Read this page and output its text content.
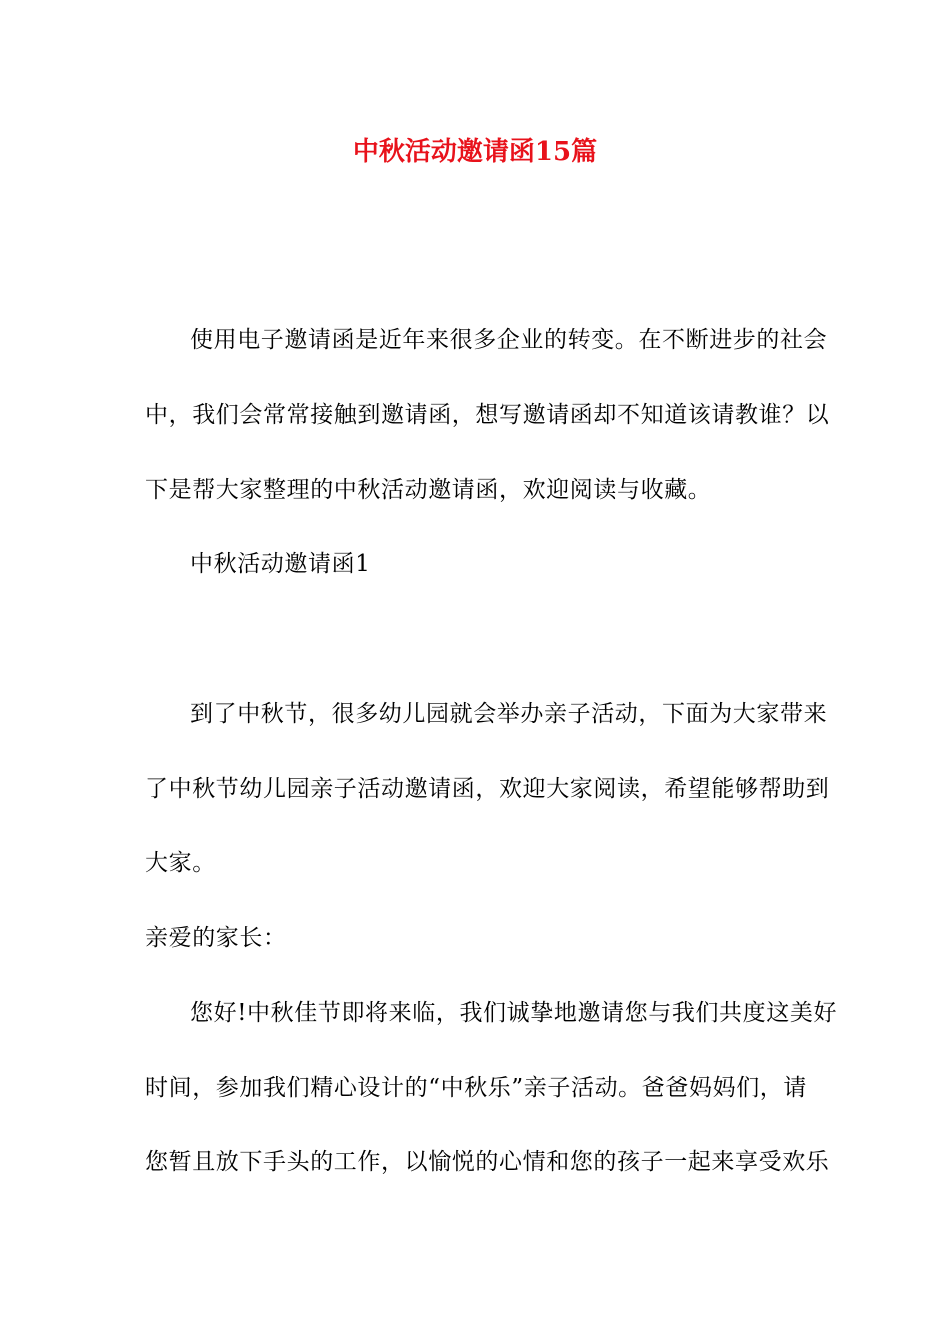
中秋活动邀请函15篇
使用电子邀请函是近年来很多企业的转变。在不断进步的社会
中，我们会常常接触到邀请函，想写邀请函却不知道该请教谁？以
下是帮大家整理的中秋活动邀请函，欢迎阅读与收藏。
中秋活动邀请函1
到了中秋节，很多幼儿园就会举办亲子活动，下面为大家带来
了中秋节幼儿园亲子活动邀请函，欢迎大家阅读，希望能够帮助到
大家。
亲爱的家长：
您好!中秋佳节即将来临，我们诚挚地邀请您与我们共度这美好
时间，参加我们精心设计的“中秋乐”亲子活动。爸爸妈妈们，请
您暂且放下手头的工作，以愉悦的心情和您的孩子一起来享受欢乐
